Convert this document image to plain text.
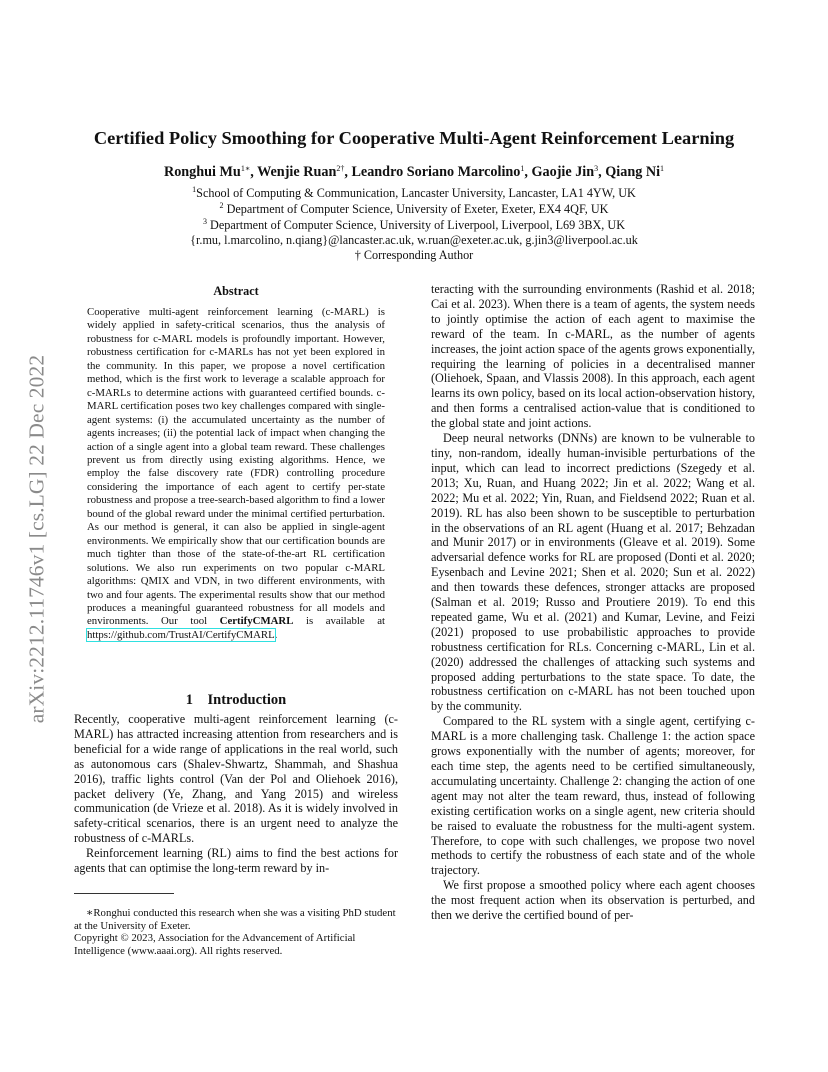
arXiv:2212.11746v1 [cs.LG] 22 Dec 2022
Certified Policy Smoothing for Cooperative Multi-Agent Reinforcement Learning
Ronghui $Mu^{1∗}$, Wenjie Ruan$^{2\dagger}$, Leandro Soriano Marcolino$^1$, Gaojie Jin$^3$, Qiang Ni$^1$
$^1$School of Computing & Communication, Lancaster University, Lancaster, LA1 4YW, UK
$^2$ Department of Computer Science, University of Exeter, Exeter, EX4 4QF, UK
$^3$ Department of Computer Science, University of Liverpool, Liverpool, L69 3BX, UK
{r.mu, l.marcolino, n.qiang}@lancaster.ac.uk, w.ruan@exeter.ac.uk, g.jin3@liverpool.ac.uk
† Corresponding Author
Abstract

Cooperative multi-agent reinforcement learning (c-MARL) is widely applied in safety-critical scenarios, thus the analysis of robustness for c-MARL models is profoundly important. However, robustness certification for c-MARLs has not yet been explored in the community. In this paper, we propose a novel certification method, which is the first work to leverage a scalable approach for c-MARLs to determine actions with guaranteed certified bounds. c-MARL certification poses two key challenges compared with single-agent systems: (i) the accumulated uncertainty as the number of agents increases; (ii) the potential lack of impact when changing the action of a single agent into a global team reward. These challenges prevent us from directly using existing algorithms. Hence, we employ the false discovery rate (FDR) controlling procedure considering the importance of each agent to certify per-state robustness and propose a tree-search-based algorithm to find a lower bound of the global reward under the minimal certified perturbation. As our method is general, it can also be applied in single-agent environments. We empirically show that our certification bounds are much tighter than those of the state-of-the-art RL certification solutions. We also run experiments on two popular c-MARL algorithms: QMIX and VDN, in two different environments, with two and four agents. The experimental results show that our method produces a meaningful guaranteed robustness for all models and environments. Our tool CertifyCMARL is available at https://github.com/TrustAI/CertifyCMARL.

1 Introduction

Recently, cooperative multi-agent reinforcement learning (c-MARL) has attracted increasing attention from researchers and is beneficial for a wide range of applications in the real world, such as autonomous cars (Shalev-Shwartz, Shammah, and Shashua 2016), traffic lights control (Van der Pol and Oliehoek 2016), packet delivery (Ye, Zhang, and Yang 2015) and wireless communication (de Vrieze et al. 2018). As it is widely involved in safety-critical scenarios, there is an urgent need to analyze the robustness of c-MARLs.

Reinforcement learning (RL) aims to find the best actions for agents that can optimise the long-term reward by in-

∗Ronghui conducted this research when she was a visiting PhD student at the University of Exeter.

Copyright © 2023, Association for the Advancement of Artificial Intelligence (www.aaai.org). All rights reserved.

teracting with the surrounding environments (Rashid et al. 2018; Cai et al. 2023). When there is a team of agents, the system needs to jointly optimise the action of each agent to maximise the reward of the team. In c-MARL, as the number of agents increases, the joint action space of the agents grows exponentially, requiring the learning of policies in a decentralised manner (Oliehoek, Spaan, and Vlassis 2008). In this approach, each agent learns its own policy, based on its local action-observation history, and then forms a centralised action-value that is conditioned to the global state and joint actions.

Deep neural networks (DNNs) are known to be vulnerable to tiny, non-random, ideally human-invisible perturbations of the input, which can lead to incorrect predictions (Szegedy et al. 2013; Xu, Ruan, and Huang 2022; Jin et al. 2022; Wang et al. 2022; Mu et al. 2022; Yin, Ruan, and Fieldsend 2022; Ruan et al. 2019). RL has also been shown to be susceptible to perturbation in the observations of an RL agent (Huang et al. 2017; Behzadan and Munir 2017) or in environments (Gleave et al. 2019). Some adversarial defence works for RL are proposed (Donti et al. 2020; Eysenbach and Levine 2021; Shen et al. 2020; Sun et al. 2022) and then towards these defences, stronger attacks are proposed (Salman et al. 2019; Russo and Proutiere 2019). To end this repeated game, Wu et al. (2021) and Kumar, Levine, and Feizi (2021) proposed to use probabilistic approaches to provide robustness certification for RLs. Concerning c-MARL, Lin et al. (2020) addressed the challenges of attacking such systems and proposed adding perturbations to the state space. To date, the robustness certification on c-MARL has not been touched upon by the community.

Compared to the RL system with a single agent, certifying c-MARL is a more challenging task. Challenge 1: the action space grows exponentially with the number of agents; moreover, for each time step, the agents need to be certified simultaneously, accumulating uncertainty. Challenge 2: changing the action of one agent may not alter the team reward, thus, instead of following existing certification works on a single agent, new criteria should be raised to evaluate the robustness for the multi-agent system. Therefore, to cope with such challenges, we propose two novel methods to certify the robustness of each state and of the whole trajectory.

We first propose a smoothed policy where each agent chooses the most frequent action when its observation is perturbed, and then we derive the certified bound of per-
